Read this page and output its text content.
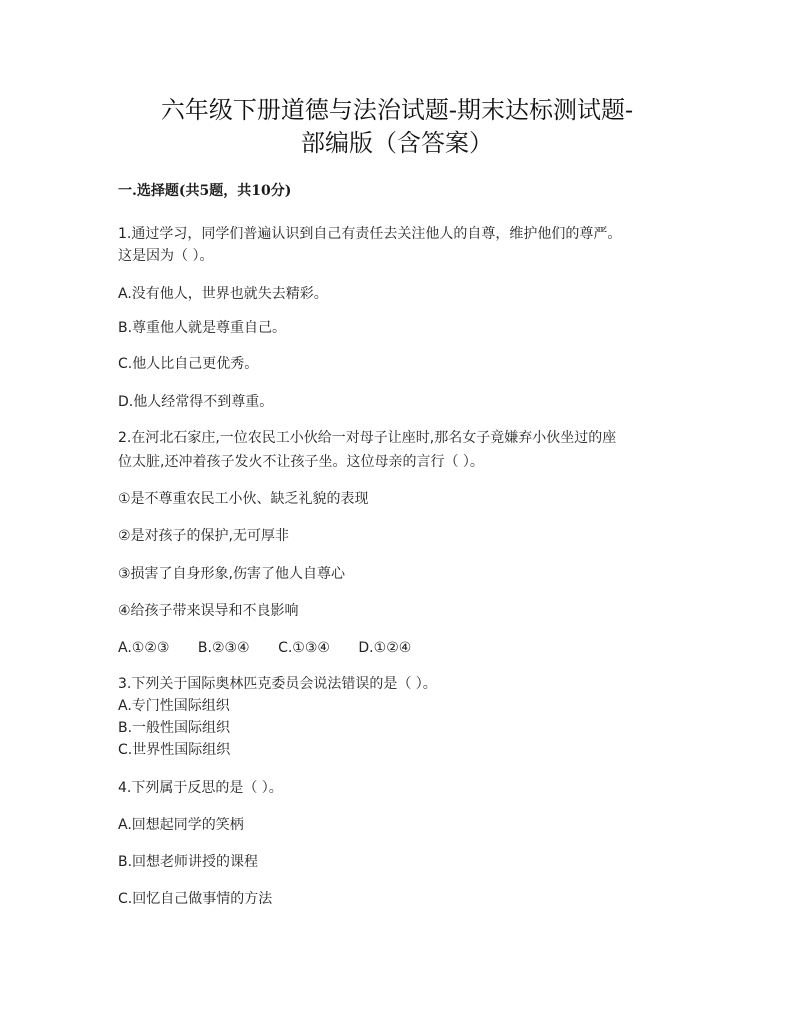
六年级下册道德与法治试题-期末达标测试题-
部编版（含答案）
一.选择题(共5题，共10分)
1.通过学习，同学们普遍认识到自己有责任去关注他人的自尊，维护他们的尊严。
这是因为（ ）。
A.没有他人，世界也就失去精彩。
B.尊重他人就是尊重自己。
C.他人比自己更优秀。
D.他人经常得不到尊重。
2.在河北石家庄,一位农民工小伙给一对母子让座时,那名女子竟嫌弃小伙坐过的座
位太脏,还冲着孩子发火不让孩子坐。这位母亲的言行（ ）。
①是不尊重农民工小伙、缺乏礼貌的表现
②是对孩子的保护,无可厚非
③损害了自身形象,伤害了他人自尊心
④给孩子带来误导和不良影响
A.①②③ B.②③④ C.①③④ D.①②④
3.下列关于国际奥林匹克委员会说法错误的是（ ）。
A.专门性国际组织
B.一般性国际组织
C.世界性国际组织
4.下列属于反思的是（ ）。
A.回想起同学的笑柄
B.回想老师讲授的课程
C.回忆自己做事情的方法
